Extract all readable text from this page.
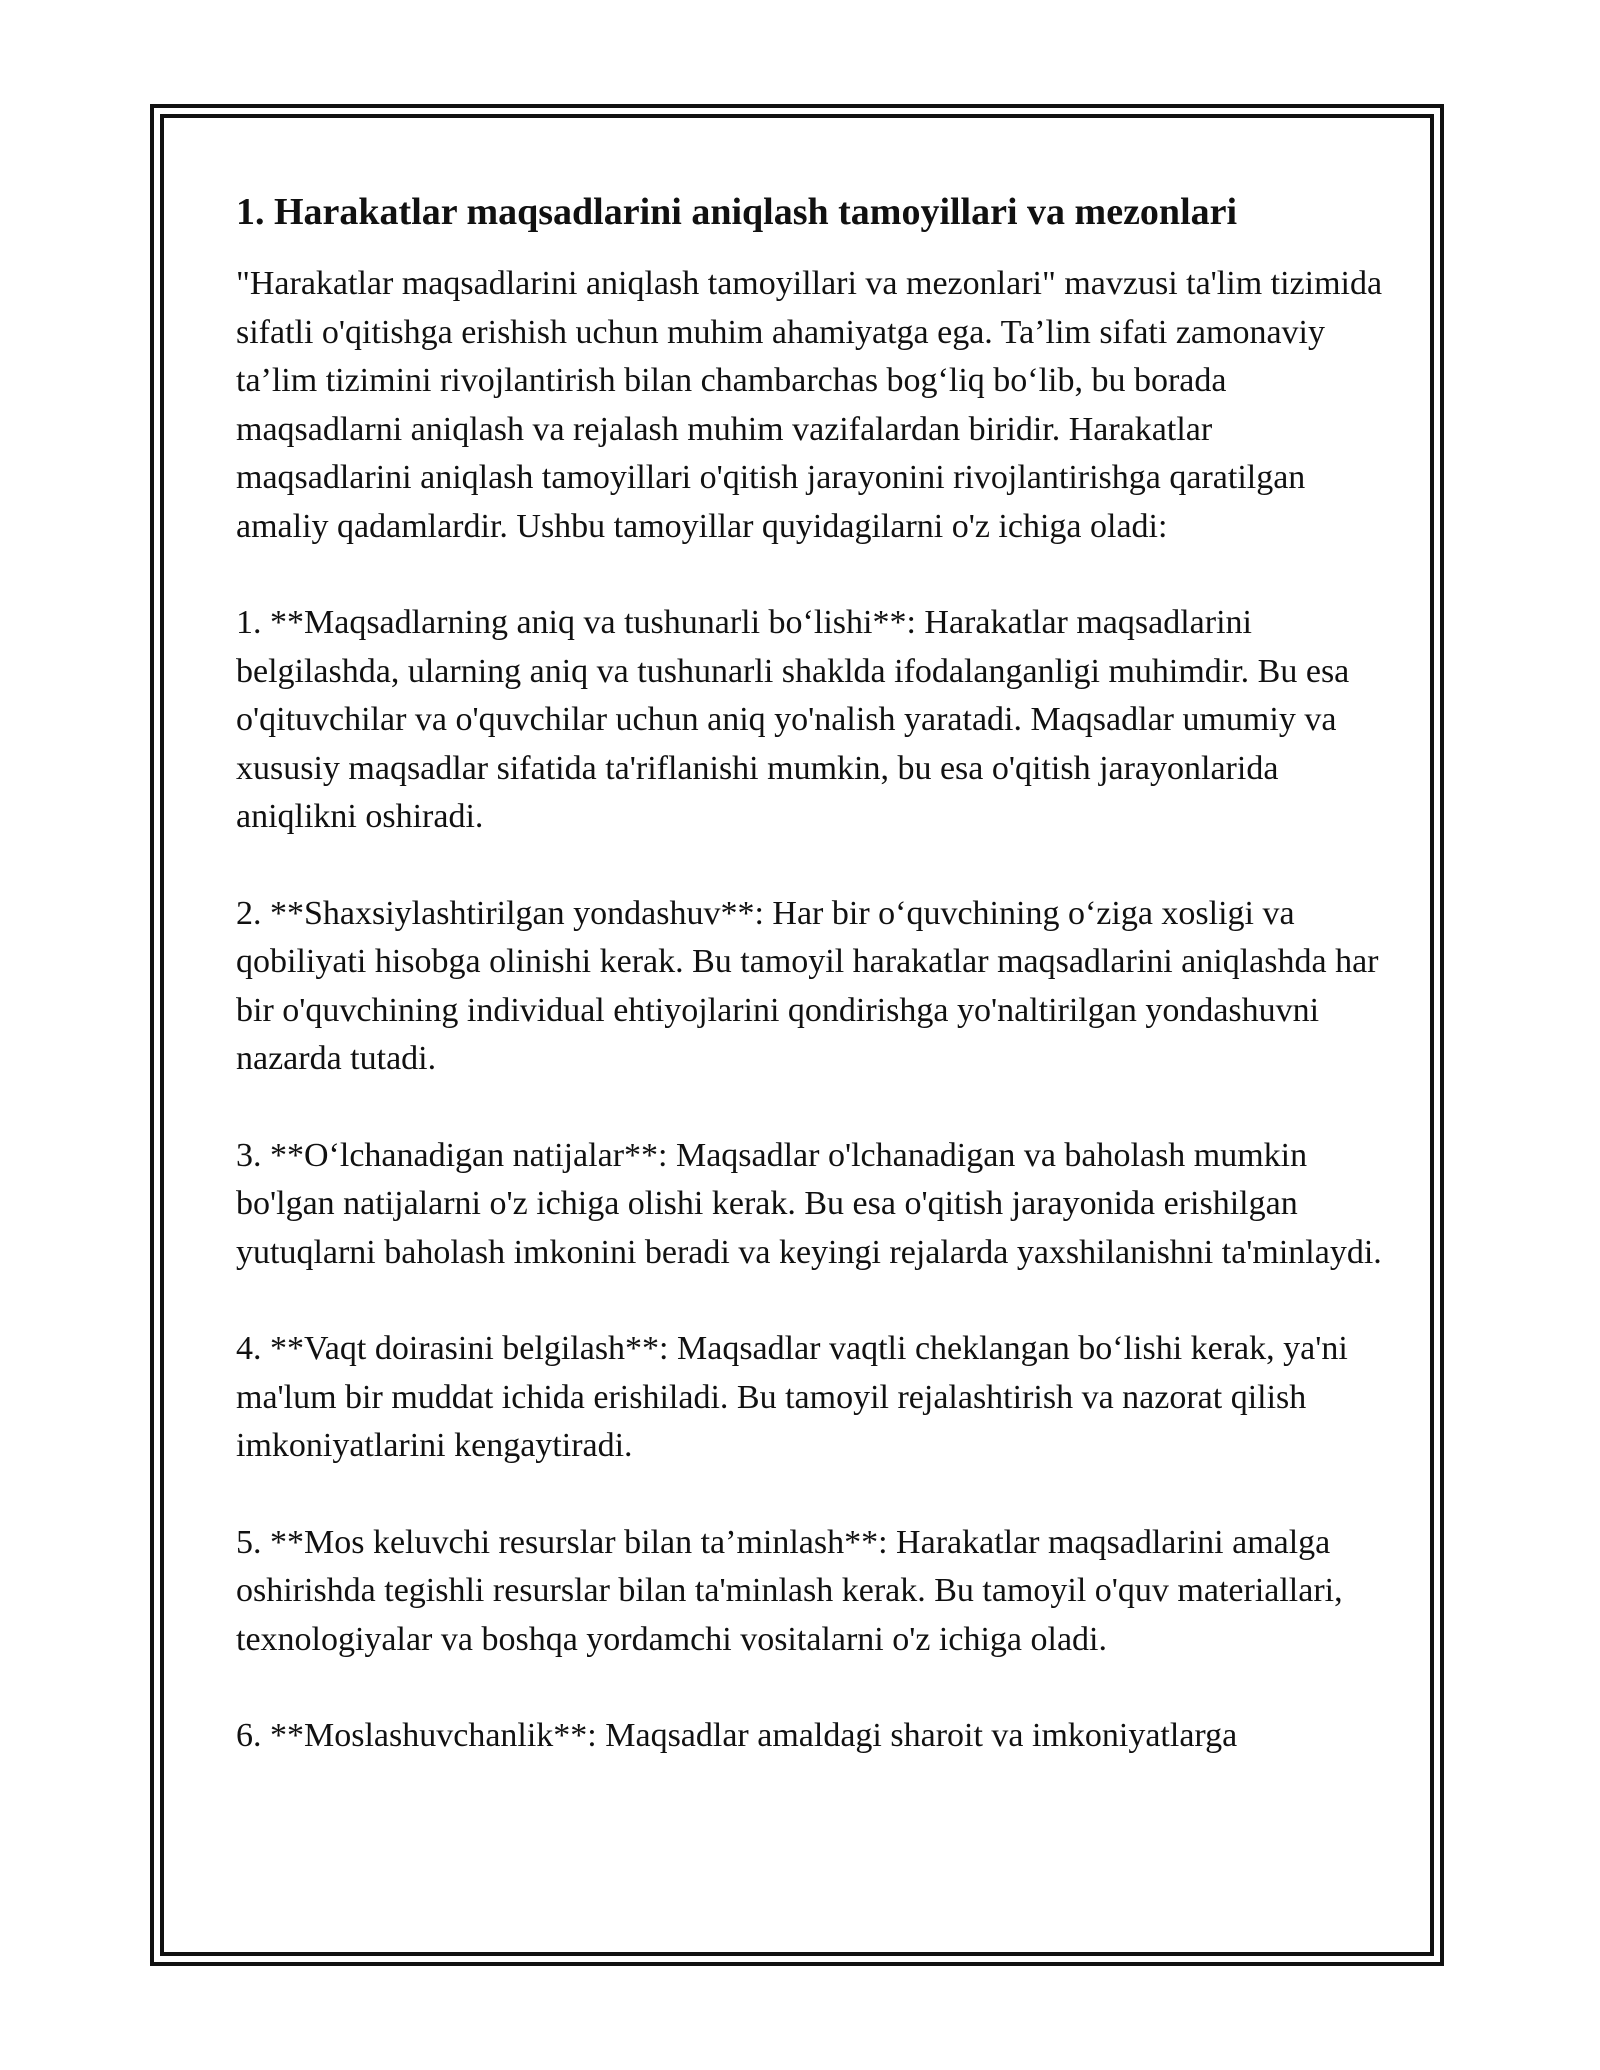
1. Harakatlar maqsadlarini aniqlash tamoyillari va mezonlari

"Harakatlar maqsadlarini aniqlash tamoyillari va mezonlari" mavzusi ta'lim tizimida sifatli o'qitishga erishish uchun muhim ahamiyatga ega. Ta’lim sifati zamonaviy ta’lim tizimini rivojlantirish bilan chambarchas bog‘liq bo‘lib, bu borada maqsadlarni aniqlash va rejalash muhim vazifalardan biridir. Harakatlar maqsadlarini aniqlash tamoyillari o'qitish jarayonini rivojlantirishga qaratilgan amaliy qadamlardir. Ushbu tamoyillar quyidagilarni o'z ichiga oladi:

1. **Maqsadlarning aniq va tushunarli bo‘lishi**: Harakatlar maqsadlarini belgilashda, ularning aniq va tushunarli shakldа ifodalanganligi muhimdir. Bu esa o'qituvchilar va o'quvchilar uchun aniq yo'nalish yaratadi. Maqsadlar umumiy va xususiy maqsadlar sifatida ta'riflanishi mumkin, bu esa o'qitish jarayonlarida aniqlikni oshiradi.

2. **Shaxsiylashtirilgan yondashuv**: Har bir o‘quvchining o‘ziga xosligi va qobiliyati hisobga olinishi kerak. Bu tamoyil harakatlar maqsadlarini aniqlashda har bir o'quvchining individual ehtiyojlarini qondirishga yo'naltirilgan yondashuvni nazarda tutadi.

3. **O‘lchanadigan natijalar**: Maqsadlar o'lchanadigan va baholash mumkin bo'lgan natijalarni o'z ichiga olishi kerak. Bu esa o'qitish jarayonida erishilgan yutuqlarni baholash imkonini beradi va keyingi rejalarda yaxshilanishni ta'minlaydi.

4. **Vaqt doirasini belgilash**: Maqsadlar vaqtli cheklangan bo‘lishi kerak, ya'ni ma'lum bir muddat ichida erishiladi. Bu tamoyil rejalashtirish va nazorat qilish imkoniyatlarini kengaytiradi.

5. **Mos keluvchi resurslar bilan ta’minlash**: Harakatlar maqsadlarini amalga oshirishda tegishli resurslar bilan ta'minlash kerak. Bu tamoyil o'quv materiallari, texnologiyalar va boshqa yordamchi vositalarni o'z ichiga oladi.

6. **Moslashuvchanlik**: Maqsadlar amaldagi sharoit va imkoniyatlarga
